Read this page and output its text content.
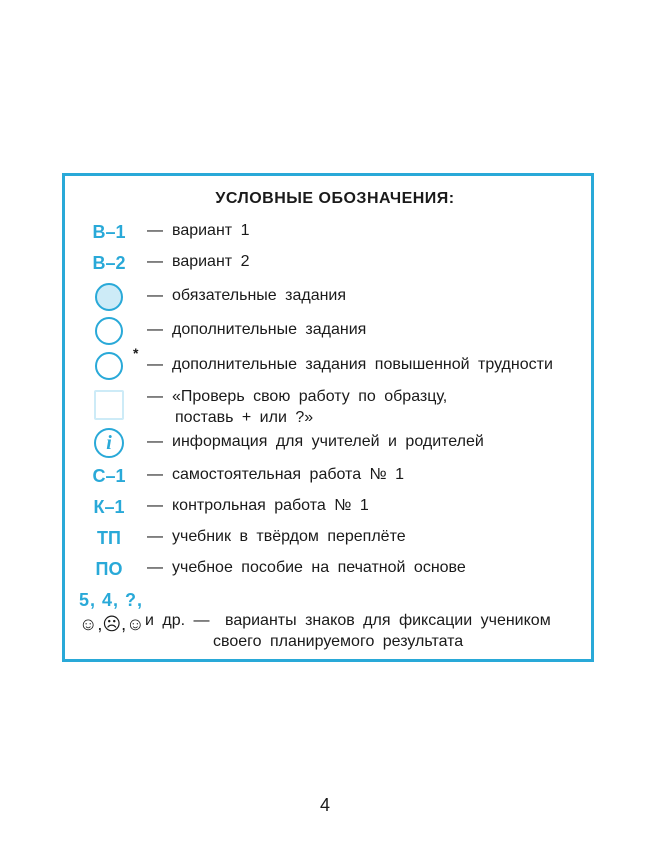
УСЛОВНЫЕ ОБОЗНАЧЕНИЯ:
В–1	— вариант 1
В–2	— вариант 2
— обязательные задания
— дополнительные задания
*
— дополнительные задания повышенной трудности
— «Проверь свою работу по образцу,
поставь + или ?»
i	— информация для учителей и родителей
С–1	— самостоятельная работа № 1
К–1	— контрольная работа № 1
ТП	— учебник в твёрдом переплёте
ПО	— учебное пособие на печатной основе
5, 4, ?,
☺,☹,☺ и др. — варианты знаков для фиксации учеником
своего планируемого результата
4
